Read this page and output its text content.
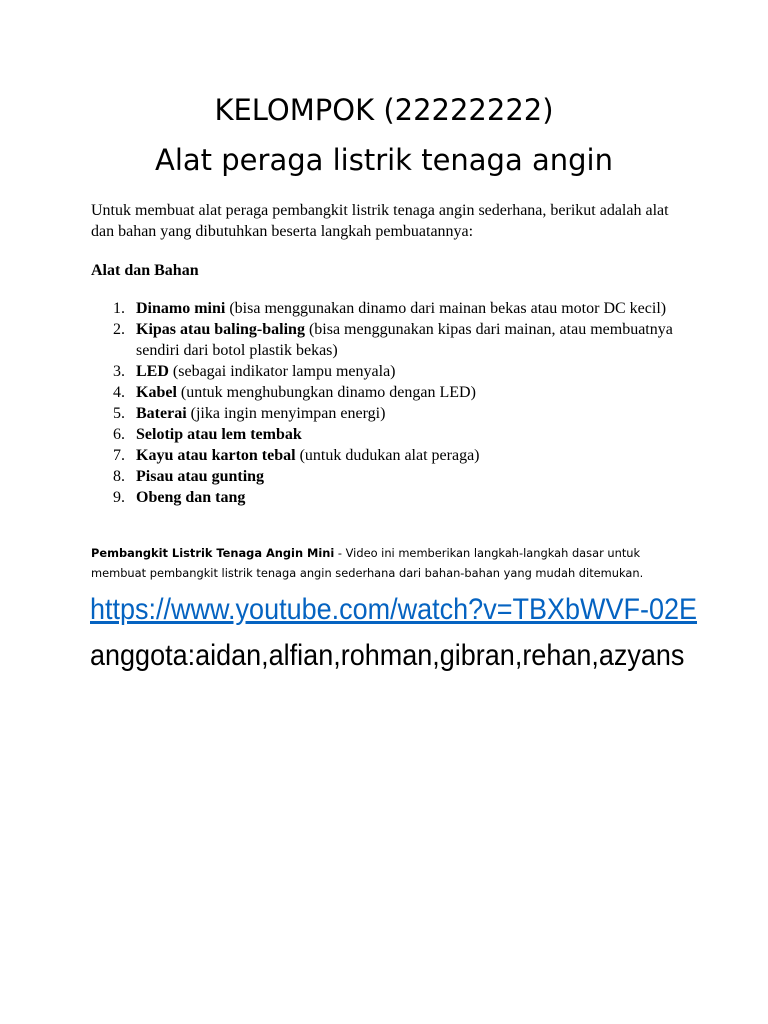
KELOMPOK (22222222)
Alat peraga listrik tenaga angin
Untuk membuat alat peraga pembangkit listrik tenaga angin sederhana, berikut adalah alat dan bahan yang dibutuhkan beserta langkah pembuatannya:
Alat dan Bahan
1. Dinamo mini (bisa menggunakan dinamo dari mainan bekas atau motor DC kecil)
2. Kipas atau baling-baling (bisa menggunakan kipas dari mainan, atau membuatnya sendiri dari botol plastik bekas)
3. LED (sebagai indikator lampu menyala)
4. Kabel (untuk menghubungkan dinamo dengan LED)
5. Baterai (jika ingin menyimpan energi)
6. Selotip atau lem tembak
7. Kayu atau karton tebal (untuk dudukan alat peraga)
8. Pisau atau gunting
9. Obeng dan tang
Pembangkit Listrik Tenaga Angin Mini - Video ini memberikan langkah-langkah dasar untuk membuat pembangkit listrik tenaga angin sederhana dari bahan-bahan yang mudah ditemukan.
https://www.youtube.com/watch?v=TBXbWVF-02E
anggota:aidan,alfian,rohman,gibran,rehan,azyans
